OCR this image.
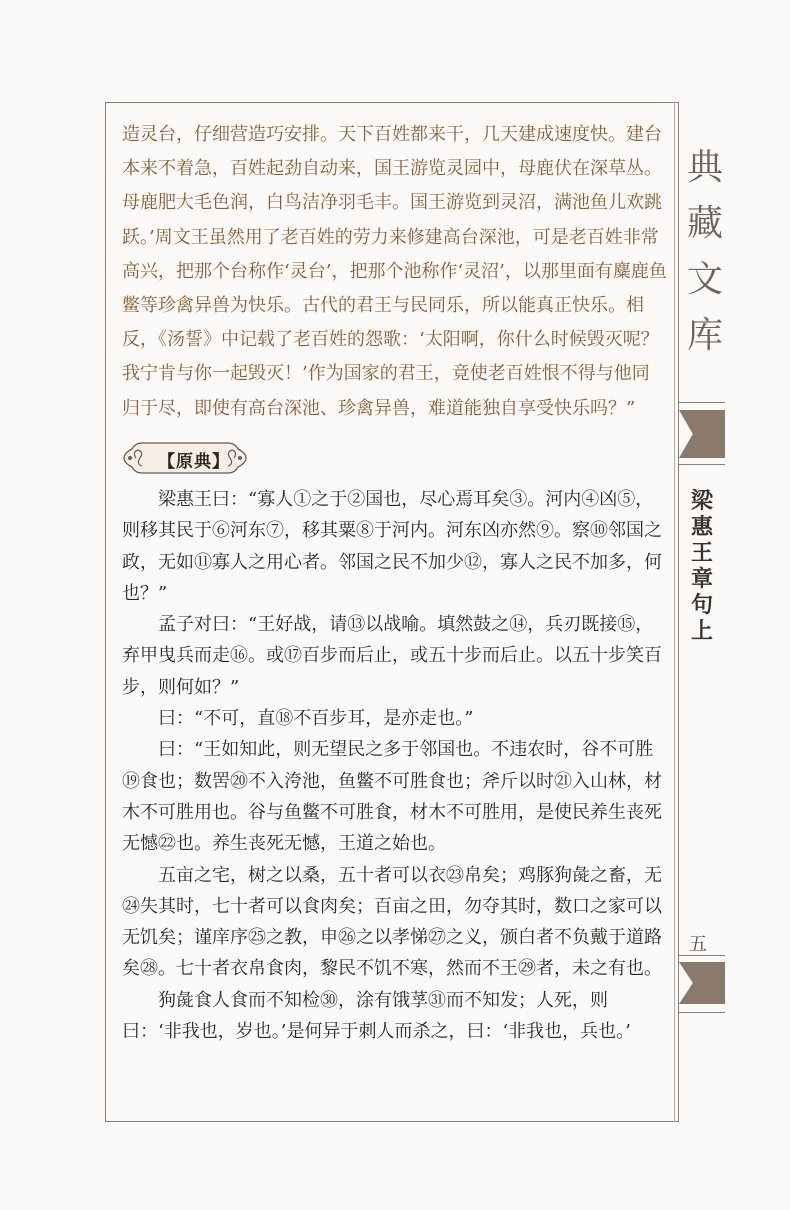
典
藏
文
库
梁
惠
王
章
句
上
五

造灵台，仔细营造巧安排。天下百姓都来干，几天建成速度快。建台本来不着急，百姓起劲自动来，国王游览灵园中，母鹿伏在深草丛。母鹿肥大毛色润，白鸟洁净羽毛丰。国王游览到灵沼，满池鱼儿欢跳跃。’周文王虽然用了老百姓的劳力来修建高台深池，可是老百姓非常高兴，把那个台称作‘灵台’，把那个池称作‘灵沼’，以那里面有麋鹿鱼鳖等珍禽异兽为快乐。古代的君王与民同乐，所以能真正快乐。相反，《汤誓》中记载了老百姓的怨歌：‘太阳啊，你什么时候毁灭呢？我宁肯与你一起毁灭！’作为国家的君王，竟使老百姓恨不得与他同归于尽，即使有高台深池、珍禽异兽，难道能独自享受快乐吗？”

【原典】

梁惠王曰：“寡人①之于②国也，尽心焉耳矣③。河内④凶⑤，则移其民于⑥河东⑦，移其粟⑧于河内。河东凶亦然⑨。察⑩邻国之政，无如⑪寡人之用心者。邻国之民不加少⑫，寡人之民不加多，何也？”

孟子对曰：“王好战，请⑬以战喻。填然鼓之⑭，兵刃既接⑮，弃甲曳兵而走⑯。或⑰百步而后止，或五十步而后止。以五十步笑百步，则何如？”

曰：“不可，直⑱不百步耳，是亦走也。”

曰：“王如知此，则无望民之多于邻国也。不违农时，谷不可胜⑲食也；数罟⑳不入洿池，鱼鳖不可胜食也；斧斤以时㉑入山林，材木不可胜用也。谷与鱼鳖不可胜食，材木不可胜用，是使民养生丧死无憾㉒也。养生丧死无憾，王道之始也。

五亩之宅，树之以桑，五十者可以衣㉓帛矣；鸡豚狗彘之畜，无㉔失其时，七十者可以食肉矣；百亩之田，勿夺其时，数口之家可以无饥矣；谨庠序㉕之教，申㉖之以孝悌㉗之义，颁白者不负戴于道路矣㉘。七十者衣帛食肉，黎民不饥不寒，然而不王㉙者，未之有也。

狗彘食人食而不知检㉚，涂有饿莩㉛而不知发；人死，则曰：‘非我也，岁也。’是何异于刺人而杀之，曰：‘非我也，兵也。’
